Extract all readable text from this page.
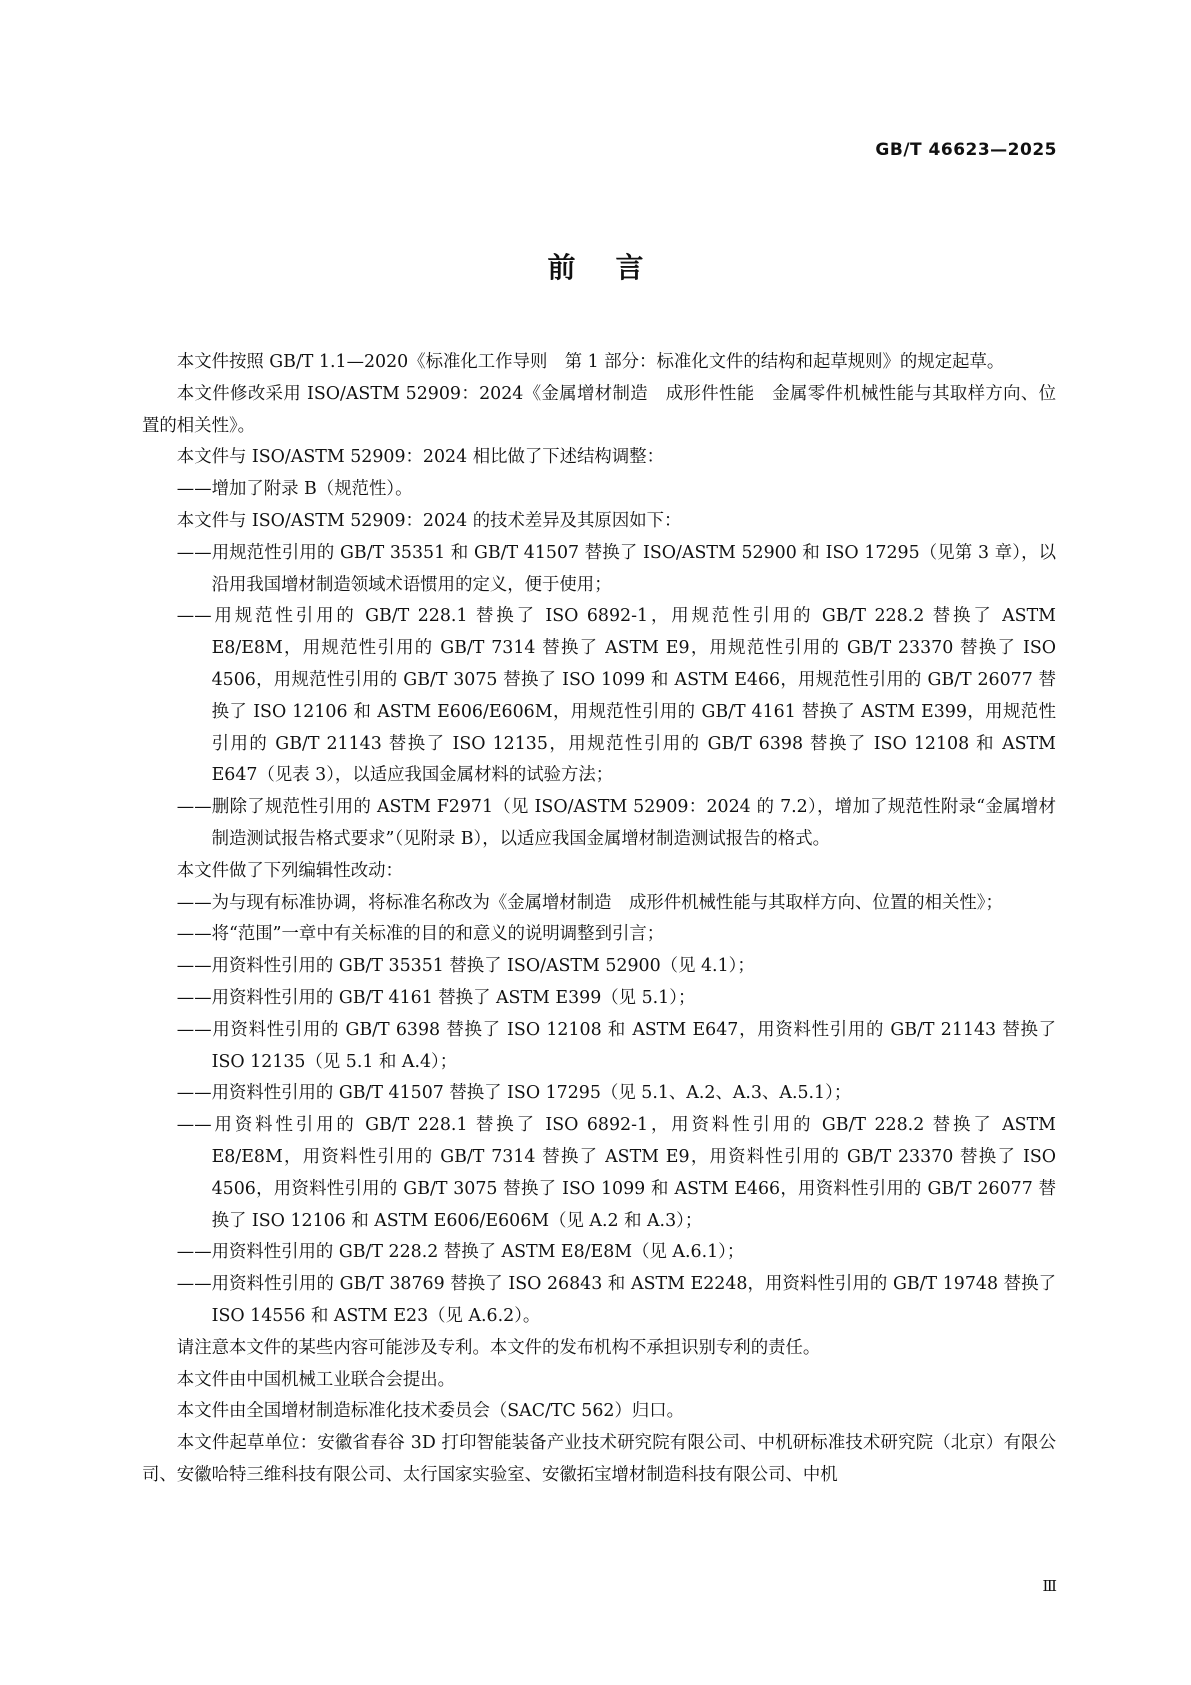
GB/T 46623—2025
前言

本文件按照 GB/T 1.1—2020《标准化工作导则　第 1 部分：标准化文件的结构和起草规则》的规定起草。

本文件修改采用 ISO/ASTM 52909：2024《金属增材制造　成形件性能　金属零件机械性能与其取样方向、位置的相关性》。

本文件与 ISO/ASTM 52909：2024 相比做了下述结构调整：

——增加了附录 B（规范性）。

本文件与 ISO/ASTM 52909：2024 的技术差异及其原因如下：

——用规范性引用的 GB/T 35351 和 GB/T 41507 替换了 ISO/ASTM 52900 和 ISO 17295（见第 3 章），以沿用我国增材制造领域术语惯用的定义，便于使用；

——用规范性引用的 GB/T 228.1 替换了 ISO 6892-1，用规范性引用的 GB/T 228.2 替换了 ASTM E8/E8M，用规范性引用的 GB/T 7314 替换了 ASTM E9，用规范性引用的 GB/T 23370 替换了 ISO 4506，用规范性引用的 GB/T 3075 替换了 ISO 1099 和 ASTM E466，用规范性引用的 GB/T 26077 替换了 ISO 12106 和 ASTM E606/E606M，用规范性引用的 GB/T 4161 替换了 ASTM E399，用规范性引用的 GB/T 21143 替换了 ISO 12135，用规范性引用的 GB/T 6398 替换了 ISO 12108 和 ASTM E647（见表 3），以适应我国金属材料的试验方法；

——删除了规范性引用的 ASTM F2971（见 ISO/ASTM 52909：2024 的 7.2），增加了规范性附录“金属增材制造测试报告格式要求”（见附录 B），以适应我国金属增材制造测试报告的格式。

本文件做了下列编辑性改动：

——为与现有标准协调，将标准名称改为《金属增材制造　成形件机械性能与其取样方向、位置的相关性》；

——将“范围”一章中有关标准的目的和意义的说明调整到引言；

——用资料性引用的 GB/T 35351 替换了 ISO/ASTM 52900（见 4.1）；

——用资料性引用的 GB/T 4161 替换了 ASTM E399（见 5.1）；

——用资料性引用的 GB/T 6398 替换了 ISO 12108 和 ASTM E647，用资料性引用的 GB/T 21143 替换了 ISO 12135（见 5.1 和 A.4）；

——用资料性引用的 GB/T 41507 替换了 ISO 17295（见 5.1、A.2、A.3、A.5.1）；

——用资料性引用的 GB/T 228.1 替换了 ISO 6892-1，用资料性引用的 GB/T 228.2 替换了 ASTM E8/E8M，用资料性引用的 GB/T 7314 替换了 ASTM E9，用资料性引用的 GB/T 23370 替换了 ISO 4506，用资料性引用的 GB/T 3075 替换了 ISO 1099 和 ASTM E466，用资料性引用的 GB/T 26077 替换了 ISO 12106 和 ASTM E606/E606M（见 A.2 和 A.3）；

——用资料性引用的 GB/T 228.2 替换了 ASTM E8/E8M（见 A.6.1）；

——用资料性引用的 GB/T 38769 替换了 ISO 26843 和 ASTM E2248，用资料性引用的 GB/T 19748 替换了 ISO 14556 和 ASTM E23（见 A.6.2）。

请注意本文件的某些内容可能涉及专利。本文件的发布机构不承担识别专利的责任。

本文件由中国机械工业联合会提出。

本文件由全国增材制造标准化技术委员会（SAC/TC 562）归口。

本文件起草单位：安徽省春谷 3D 打印智能装备产业技术研究院有限公司、中机研标准技术研究院（北京）有限公司、安徽哈特三维科技有限公司、太行国家实验室、安徽拓宝增材制造科技有限公司、中机

Ⅲ
